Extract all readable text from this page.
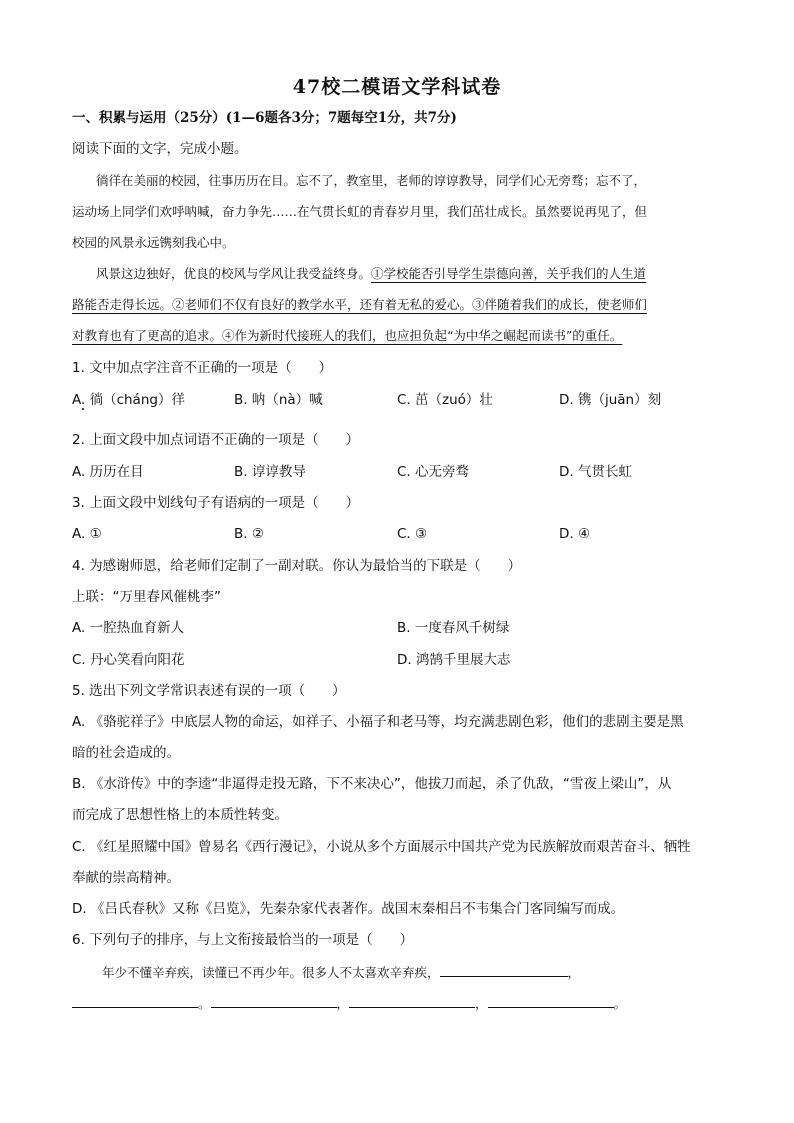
47校二模语文学科试卷
一、积累与运用（25分）(1—6题各3分；7题每空1分，共7分)
阅读下面的文字，完成小题。
徜徉在美丽的校园，往事历历在目。忘不了，教室里，老师的谆谆教导，同学们心无旁骛；忘不了，
运动场上同学们欢呼呐喊，奋力争先……在气贯长虹的青春岁月里，我们茁壮成长。虽然要说再见了，但
校园的风景永远镌刻我心中。
风景这边独好，优良的校风与学风让我受益终身。①学校能否引导学生崇德向善，关乎我们的人生道
路能否走得长远。②老师们不仅有良好的教学水平，还有着无私的爱心。③伴随着我们的成长，使老师们
对教育也有了更高的追求。④作为新时代接班人的我们，也应担负起“为中华之崛起而读书”的重任。
1. 文中加点字注音不正确的一项是（　　）
A. 徜（cháng）徉	B. 呐（nà）喊	C. 茁（zuó）壮	D. 镌（juān）刻
2. 上面文段中加点词语不正确的一项是（　　）
A. 历历在目	B. 谆谆教导	C. 心无旁骛	D. 气贯长虹
3. 上面文段中划线句子有语病的一项是（　　）
A. ①	B. ②	C. ③	D. ④
4. 为感谢师恩，给老师们定制了一副对联。你认为最恰当的下联是（　　）
上联：“万里春风催桃李”
A. 一腔热血育新人	B. 一度春风千树绿
C. 丹心笑看向阳花	D. 鸿鹄千里展大志
5. 选出下列文学常识表述有误的一项（　　）
A. 《骆驼祥子》中底层人物的命运，如祥子、小福子和老马等，均充满悲剧色彩，他们的悲剧主要是黑
暗的社会造成的。
B. 《水浒传》中的李逵“非逼得走投无路，下不来决心”，他拔刀而起，杀了仇敌，“雪夜上梁山”，从
而完成了思想性格上的本质性转变。
C. 《红星照耀中国》曾易名《西行漫记》，小说从多个方面展示中国共产党为民族解放而艰苦奋斗、牺牲
奉献的崇高精神。
D. 《吕氏春秋》又称《吕览》，先秦杂家代表著作。战国末秦相吕不韦集合门客同编写而成。
6. 下列句子的排序，与上文衔接最恰当的一项是（　　）
年少不懂辛弃疾，读懂已不再少年。很多人不太喜欢辛弃疾，	，
。	，	，	。
